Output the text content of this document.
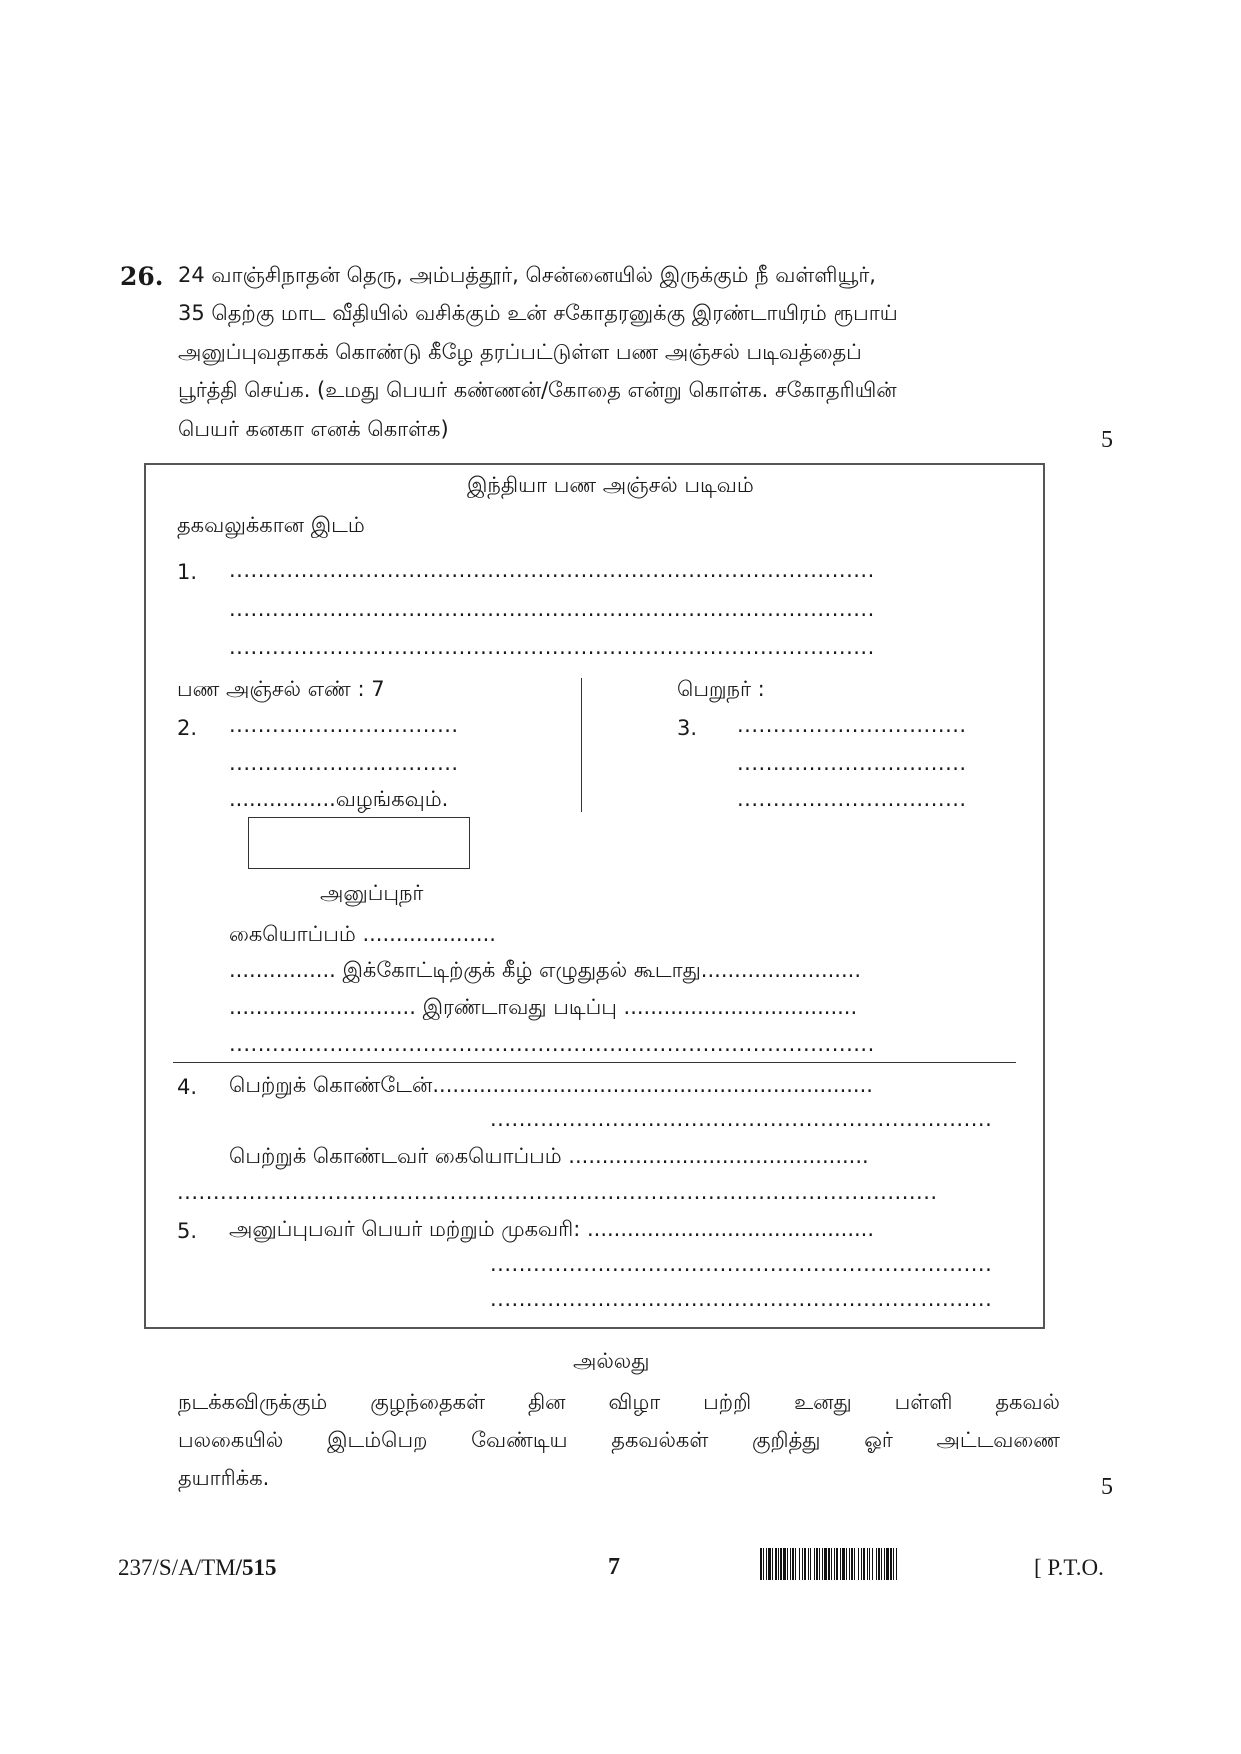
26. 24 வாஞ்சிநாதன் தெரு, அம்பத்தூர், சென்னையில் இருக்கும் நீ வள்ளியூர்,
35 தெற்கு மாட வீதியில் வசிக்கும் உன் சகோதரனுக்கு இரண்டாயிரம் ரூபாய்
அனுப்புவதாகக் கொண்டு கீழே தரப்பட்டுள்ள பண அஞ்சல் படிவத்தைப்
பூர்த்தி செய்க. (உமது பெயர் கண்ணன்/கோதை என்று கொள்க. சகோதரியின்
பெயர் கனகா எனக் கொள்க)	5
இந்தியா பண அஞ்சல் படிவம்
தகவலுக்கான இடம்
1. ..........................................................................................
..........................................................................................
..........................................................................................
பண அஞ்சல் எண் : 7
2. ................................
................................
................வழங்கவும்.
பெறுநர் :
3. ................................
................................
................................
அனுப்புநர்
கையொப்பம் ....................
................ இக்கோட்டிற்குக் கீழ் எழுதுதல் கூடாது........................
............................ இரண்டாவது படிப்பு ...................................
..........................................................................................
4. பெற்றுக் கொண்டேன்..................................................................
......................................................................
பெற்றுக் கொண்டவர் கையொப்பம் .............................................
..........................................................................................................
5. அனுப்புபவர் பெயர் மற்றும் முகவரி: ...........................................
......................................................................
......................................................................
அல்லது
நடக்கவிருக்கும் குழந்தைகள் தின விழா பற்றி உனது பள்ளி தகவல்
பலகையில் இடம்பெற வேண்டிய தகவல்கள் குறித்து ஓர் அட்டவணை
தயாரிக்க.	5
237/S/A/TM/515	7	[ P.T.O.
